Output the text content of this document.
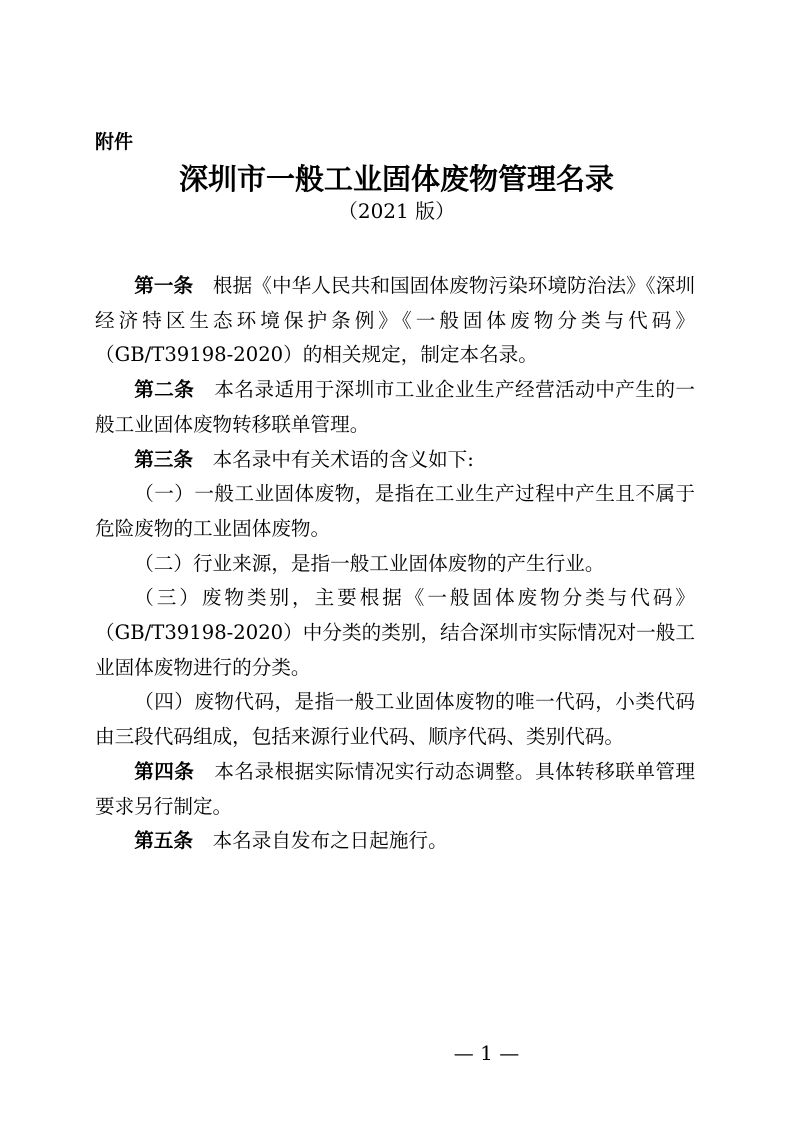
附件
深圳市一般工业固体废物管理名录
（2021 版）

第一条 根据《中华人民共和国固体废物污染环境防治法》《深圳经济特区生态环境保护条例》《一般固体废物分类与代码》（GB/T39198-2020）的相关规定，制定本名录。

第二条 本名录适用于深圳市工业企业生产经营活动中产生的一般工业固体废物转移联单管理。

第三条 本名录中有关术语的含义如下:

（一）一般工业固体废物，是指在工业生产过程中产生且不属于危险废物的工业固体废物。

（二）行业来源，是指一般工业固体废物的产生行业。

（三）废物类别，主要根据《一般固体废物分类与代码》（GB/T39198-2020）中分类的类别，结合深圳市实际情况对一般工业固体废物进行的分类。

（四）废物代码，是指一般工业固体废物的唯一代码，小类代码由三段代码组成，包括来源行业代码、顺序代码、类别代码。

第四条 本名录根据实际情况实行动态调整。具体转移联单管理要求另行制定。

第五条 本名录自发布之日起施行。

— 1 —
